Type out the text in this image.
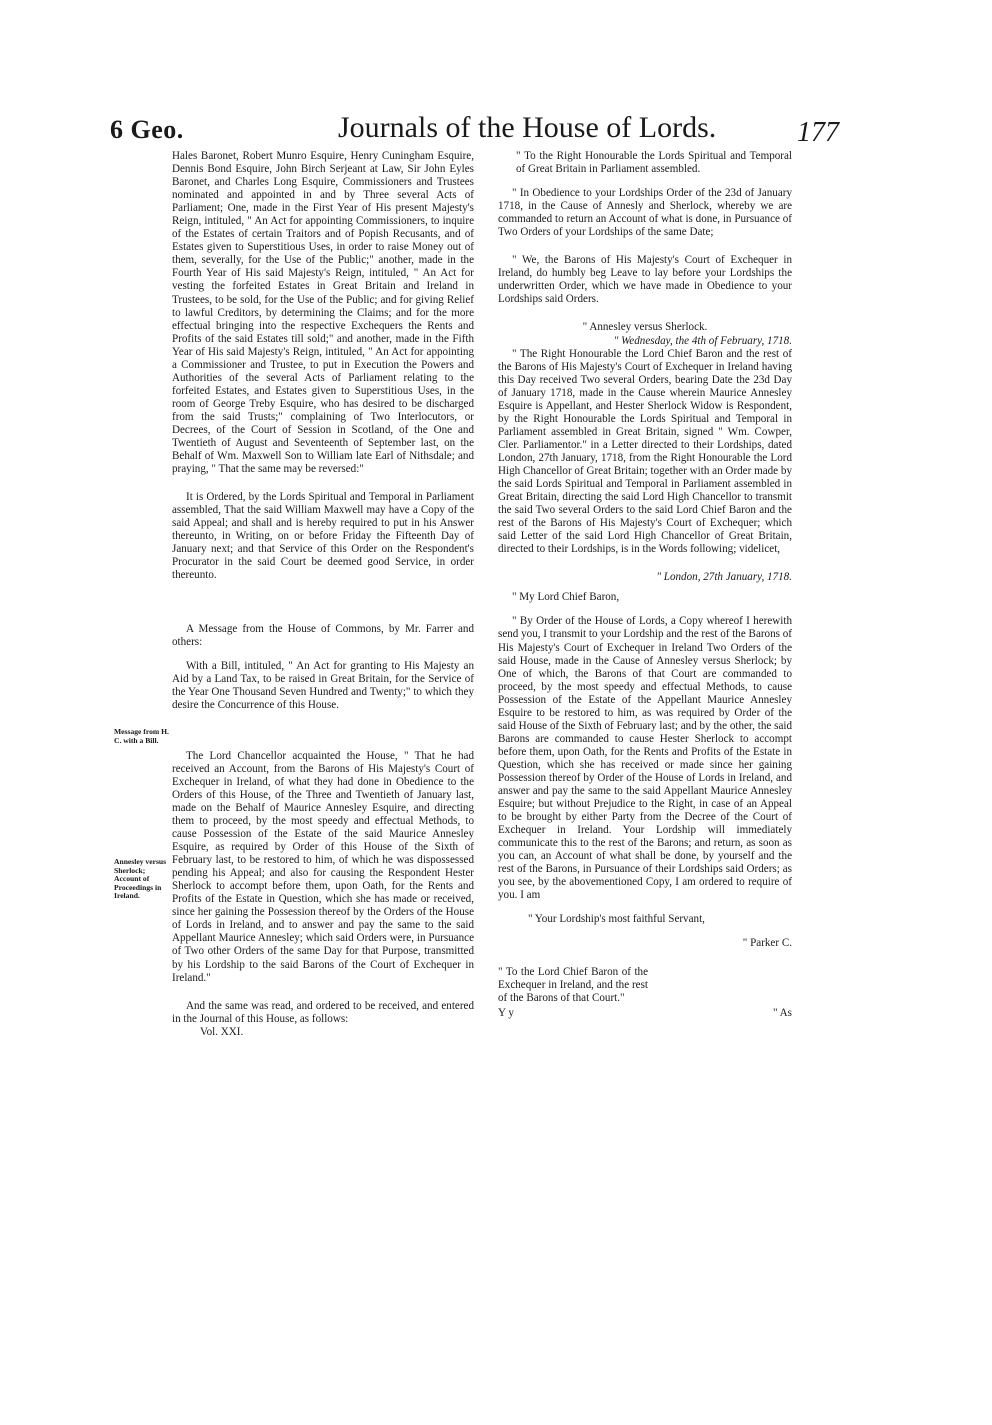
6 Geo.	Journals of the House of Lords.	177
Message from H. C. with a Bill.
Annesley versus Sherlock; Account of Proceedings in Ireland.

Hales Baronet, Robert Munro Esquire, Henry Cuningham Esquire, Dennis Bond Esquire, John Birch Serjeant at Law, Sir John Eyles Baronet, and Charles Long Esquire, Commissioners and Trustees nominated and appointed in and by Three several Acts of Parliament; One, made in the First Year of His present Majesty's Reign, intituled, " An Act for appointing Commissioners, to inquire of the Estates of certain Traitors and of Popish Recusants, and of Estates given to Superstitious Uses, in order to raise Money out of them, severally, for the Use of the Public;" another, made in the Fourth Year of His said Majesty's Reign, intituled, " An Act for vesting the forfeited Estates in Great Britain and Ireland in Trustees, to be sold, for the Use of the Public; and for giving Relief to lawful Creditors, by determining the Claims; and for the more effectual bringing into the respective Exchequers the Rents and Profits of the said Estates till sold;" and another, made in the Fifth Year of His said Majesty's Reign, intituled, " An Act for appointing a Commissioner and Trustee, to put in Execution the Powers and Authorities of the several Acts of Parliament relating to the forfeited Estates, and Estates given to Superstitious Uses, in the room of George Treby Esquire, who has desired to be discharged from the said Trusts;" complaining of Two Interlocutors, or Decrees, of the Court of Session in Scotland, of the One and Twentieth of August and Seventeenth of September last, on the Behalf of Wm. Maxwell Son to William late Earl of Nithsdale; and praying, " That the same may be reversed:"

It is Ordered, by the Lords Spiritual and Temporal in Parliament assembled, That the said William Maxwell may have a Copy of the said Appeal; and shall and is hereby required to put in his Answer thereunto, in Writing, on or before Friday the Fifteenth Day of January next; and that Service of this Order on the Respondent's Procurator in the said Court be deemed good Service, in order thereunto.

A Message from the House of Commons, by Mr. Farrer and others:

With a Bill, intituled, " An Act for granting to His Majesty an Aid by a Land Tax, to be raised in Great Britain, for the Service of the Year One Thousand Seven Hundred and Twenty;" to which they desire the Concurrence of this House.

The Lord Chancellor acquainted the House, " That he had received an Account, from the Barons of His Majesty's Court of Exchequer in Ireland, of what they had done in Obedience to the Orders of this House, of the Three and Twentieth of January last, made on the Behalf of Maurice Annesley Esquire, and directing them to proceed, by the most speedy and effectual Methods, to cause Possession of the Estate of the said Maurice Annesley Esquire, as required by Order of this House of the Sixth of February last, to be restored to him, of which he was dispossessed pending his Appeal; and also for causing the Respondent Hester Sherlock to accompt before them, upon Oath, for the Rents and Profits of the Estate in Question, which she has made or received, since her gaining the Possession thereof by the Orders of the House of Lords in Ireland, and to answer and pay the same to the said Appellant Maurice Annesley; which said Orders were, in Pursuance of Two other Orders of the same Day for that Purpose, transmitted by his Lordship to the said Barons of the Court of Exchequer in Ireland."

And the same was read, and ordered to be received, and entered in the Journal of this House, as follows:

Vol. XXI.

" To the Right Honourable the Lords Spiritual and Temporal of Great Britain in Parliament assembled.

" In Obedience to your Lordships Order of the 23d of January 1718, in the Cause of Annesly and Sherlock, whereby we are commanded to return an Account of what is done, in Pursuance of Two Orders of your Lordships of the same Date;

" We, the Barons of His Majesty's Court of Exchequer in Ireland, do humbly beg Leave to lay before your Lordships the underwritten Order, which we have made in Obedience to your Lordships said Orders.

" Annesley versus Sherlock.

" Wednesday, the 4th of February, 1718.

" The Right Honourable the Lord Chief Baron and the rest of the Barons of His Majesty's Court of Exchequer in Ireland having this Day received Two several Orders, bearing Date the 23d Day of January 1718, made in the Cause wherein Maurice Annesley Esquire is Appellant, and Hester Sherlock Widow is Respondent, by the Right Honourable the Lords Spiritual and Temporal in Parliament assembled in Great Britain, signed " Wm. Cowper, Cler. Parliamentor." in a Letter directed to their Lordships, dated London, 27th January, 1718, from the Right Honourable the Lord High Chancellor of Great Britain; together with an Order made by the said Lords Spiritual and Temporal in Parliament assembled in Great Britain, directing the said Lord High Chancellor to transmit the said Two several Orders to the said Lord Chief Baron and the rest of the Barons of His Majesty's Court of Exchequer; which said Letter of the said Lord High Chancellor of Great Britain, directed to their Lordships, is in the Words following; videlicet,

" London, 27th January, 1718.

" My Lord Chief Baron,

" By Order of the House of Lords, a Copy whereof I herewith send you, I transmit to your Lordship and the rest of the Barons of His Majesty's Court of Exchequer in Ireland Two Orders of the said House, made in the Cause of Annesley versus Sherlock; by One of which, the Barons of that Court are commanded to proceed, by the most speedy and effectual Methods, to cause Possession of the Estate of the Appellant Maurice Annesley Esquire to be restored to him, as was required by Order of the said House of the Sixth of February last; and by the other, the said Barons are commanded to cause Hester Sherlock to accompt before them, upon Oath, for the Rents and Profits of the Estate in Question, which she has received or made since her gaining Possession thereof by Order of the House of Lords in Ireland, and answer and pay the same to the said Appellant Maurice Annesley Esquire; but without Prejudice to the Right, in case of an Appeal to be brought by either Party from the Decree of the Court of Exchequer in Ireland. Your Lordship will immediately communicate this to the rest of the Barons; and return, as soon as you can, an Account of what shall be done, by yourself and the rest of the Barons, in Pursuance of their Lordships said Orders; as you see, by the abovementioned Copy, I am ordered to require of you. I am

" Your Lordship's most faithful Servant,

" Parker C.

" To the Lord Chief Baron of the Exchequer in Ireland, and the rest of the Barons of that Court."

Y y	" As
